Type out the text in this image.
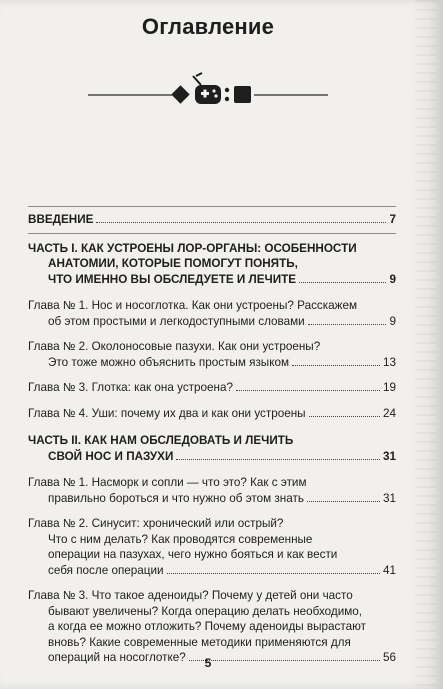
Оглавление
ВВЕДЕНИЕ	7
ЧАСТЬ I. КАК УСТРОЕНЫ ЛОР-ОРГАНЫ: ОСОБЕННОСТИ
АНАТОМИИ, КОТОРЫЕ ПОМОГУТ ПОНЯТЬ,
ЧТО ИМЕННО ВЫ ОБСЛЕДУЕТЕ И ЛЕЧИТЕ	9
Глава № 1. Нос и носоглотка. Как они устроены? Расскажем
об этом простыми и легкодоступными словами	9
Глава № 2. Околоносовые пазухи. Как они устроены?
Это тоже можно объяснить простым языком	13
Глава № 3. Глотка: как она устроена?	19
Глава № 4. Уши: почему их два и как они устроены	24
ЧАСТЬ II. КАК НАМ ОБСЛЕДОВАТЬ И ЛЕЧИТЬ
СВОЙ НОС И ПАЗУХИ	31
Глава № 1. Насморк и сопли — что это? Как с этим
правильно бороться и что нужно об этом знать	31
Глава № 2. Синусит: хронический или острый?
Что с ним делать? Как проводятся современные
операции на пазухах, чего нужно бояться и как вести
себя после операции	41
Глава № 3. Что такое аденоиды? Почему у детей они часто
бывают увеличены? Когда операцию делать необходимо,
а когда ее можно отложить? Почему аденоиды вырастают
вновь? Какие современные методики применяются для
операций на носоглотке?	56
5
